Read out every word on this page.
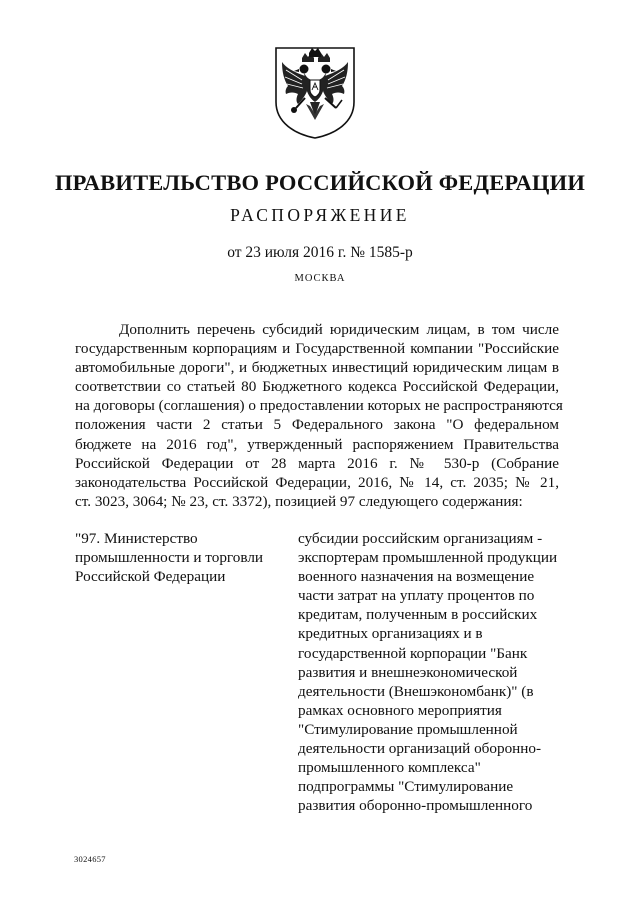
ПРАВИТЕЛЬСТВО РОССИЙСКОЙ ФЕДЕРАЦИИ
РАСПОРЯЖЕНИЕ
от 23 июля 2016 г. № 1585-р
МОСКВА
Дополнить перечень субсидий юридическим лицам, в том числе
государственным корпорациям и Государственной компании "Российские
автомобильные дороги", и бюджетных инвестиций юридическим лицам в
соответствии со статьей 80 Бюджетного кодекса Российской Федерации,
на договоры (соглашения) о предоставлении которых не распространяются
положения части 2 статьи 5 Федерального закона "О федеральном
бюджете на 2016 год", утвержденный распоряжением Правительства
Российской Федерации от 28 марта 2016 г. № 530-р (Собрание
законодательства Российской Федерации, 2016, № 14, ст. 2035; № 21,
ст. 3023, 3064; № 23, ст. 3372), позицией 97 следующего содержания:
"97. Министерство
промышленности и торговли
Российской Федерации
субсидии российским организациям -
экспортерам промышленной продукции
военного назначения на возмещение
части затрат на уплату процентов по
кредитам, полученным в российских
кредитных организациях и в
государственной корпорации "Банк
развития и внешнеэкономической
деятельности (Внешэкономбанк)" (в
рамках основного мероприятия
"Стимулирование промышленной
деятельности организаций оборонно-
промышленного комплекса"
подпрограммы "Стимулирование
развития оборонно-промышленного
3024657
